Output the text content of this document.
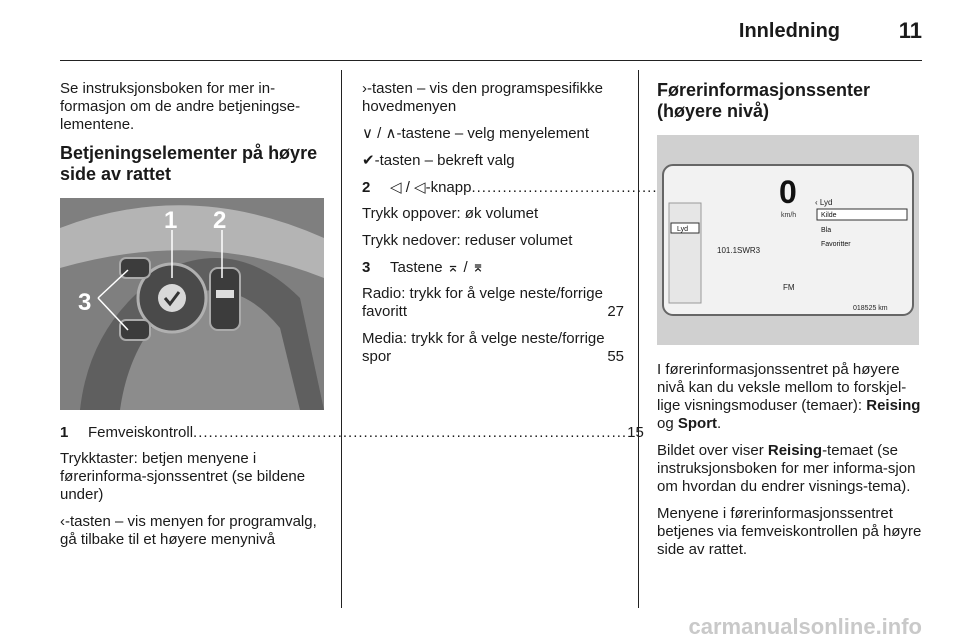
Innledning	11

Se instruksjonsboken for mer in-formasjon om de andre betjeningse-lementene.

Betjeningselementer på høyre side av rattet
1 2
3
1	Femveiskontroll .....	15

Trykktaster: betjen menyene i førerinforma-sjonssentret (se bildene under)

‹-tasten – vis menyen for programvalg, gå tilbake til et høyere menynivå

›-tasten – vis den programspesifikke hovedmenyen

∨ / ∧-tastene – velg menyelement

✔-tasten – bekreft valg

2	◁ / ◁-knapp
.....

Trykk oppover: øk volumet

Trykk nedover: reduser volumet

3	Tastene ⌅ / ⌆

Radio: trykk for å velge neste/forrige favoritt	27

Media: trykk for å velge neste/forrige spor	55

Førerinformasjonssenter (høyere nivå)
0
km/h
Lyd
101.1SWR3
FM
‹ Lyd
Kilde
Bla
Favoritter
018525 km

I førerinformasjonssentret på høyere nivå kan du veksle mellom to forskjel-lige visningsmoduser (temaer): Reising og Sport.

Bildet over viser Reising-temaet (se instruksjonsboken for mer informa-sjon om hvordan du endrer visnings-tema).

Menyene i førerinformasjonssentret betjenes via femveiskontrollen på høyre side av rattet.

carmanualsonline.info
